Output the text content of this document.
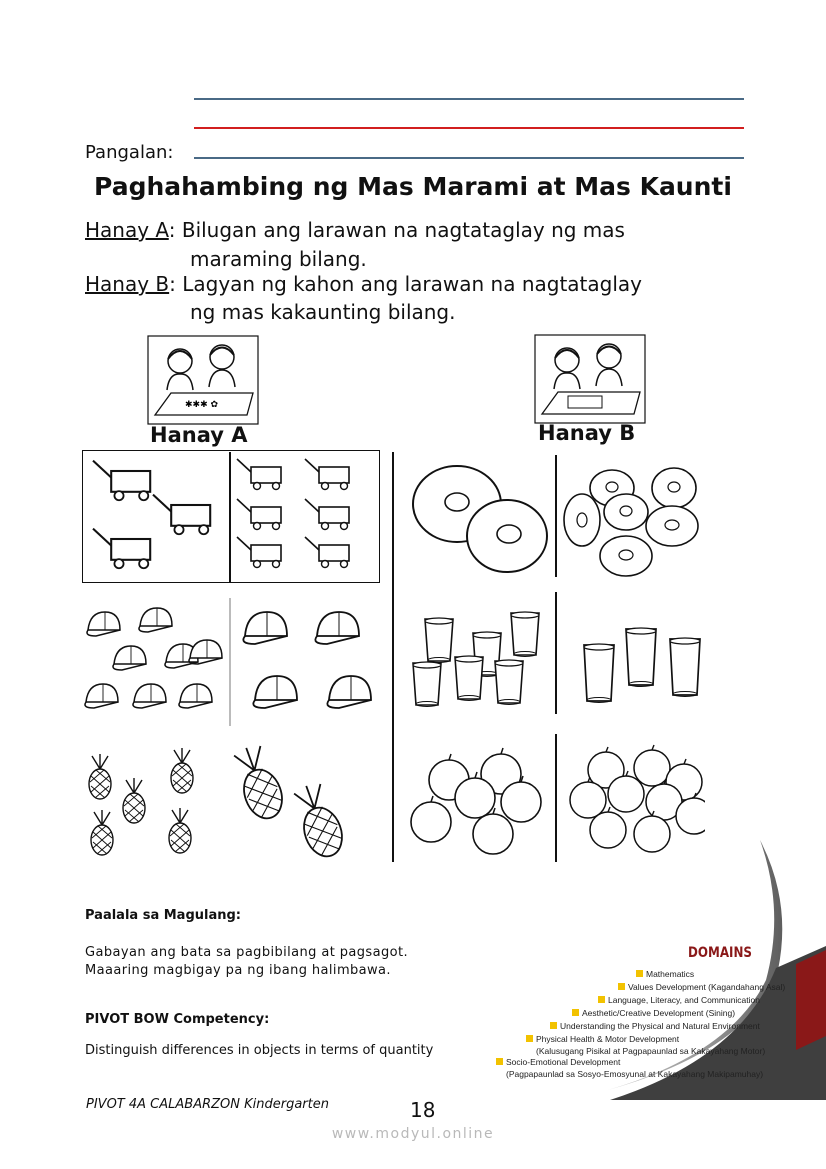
Pangalan:
Paghahambing ng Mas Marami at Mas Kaunti
Hanay A: Bilugan ang larawan na nagtataglay ng mas
maraming bilang.
Hanay B: Lagyan ng kahon ang larawan na nagtataglay
ng mas kakaunting bilang.
✱✱✱ ✿
Hanay A	Hanay B
Paalala sa Magulang:
Gabayan ang bata sa pagbibilang at pagsagot.
Maaaring magbigay pa ng ibang halimbawa.
PIVOT BOW Competency:
Distinguish differences in objects in terms of quantity
DOMAINS
Mathematics
Values Development (Kagandahang Asal)
Language, Literacy, and Communication
Aesthetic/Creative Development (Sining)
Understanding the Physical and Natural Environment
Physical Health & Motor Development
(Kalusugang Pisikal at Pagpapaunlad sa Kakayahang Motor)
Socio-Emotional Development
(Pagpapaunlad sa Sosyo-Emosyunal at Kakayahang Makipamuhay)
PIVOT 4A CALABARZON Kindergarten	18
www.modyul.online
